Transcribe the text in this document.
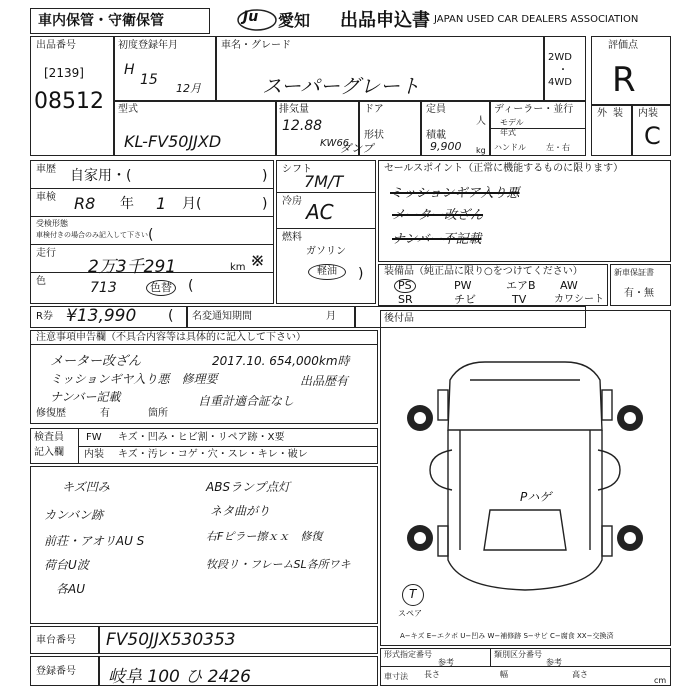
車内保管・守衛保管	Ju 愛知 出品申込書 JAPAN USED CAR DEALERS ASSOCIATION
出品番号
[2139]
08512
初度登録年月
H
15
12月
車名・グレード
スーパーグレート
2WD
・
4WD
評価点
R
外 装 内装
C
型式
KL-FV50JJXD
排気量
12.88
KW66
ドア	定員
人
形状
ダンプ
積載
9,900 kg
ディーラー・並行
モデル
年式
ハンドル	左・右
車歴 自家用・(	)
車検 R8 年 1 月(	)
受検形態
車検付きの場合のみ記入して下さい (
走行
2万3千291	km ※
色	713	色替 (
R券 ¥13,990 ( 名変通知期間	月
シフト
7M/T
冷房 AC
燃料
ガソリン
軽油	)
セールスポイント（正常に機能するものに限ります）
ミッションギア入り悪
メーター改ざん
ナンバー不記載
装備品（純正品に限り○をつけてください）
PS	PW	エアB AW
SR	チビ	TV	カワシート
新車保証書
有・無
注意事項申告欄（不具合内容等は具体的に記入して下さい）
メーター改ざん	2017.10. 654,000km時
ミッションギヤ入り悪　修理要	出品歴有
ナンバー記載	自重計適合証なし
修復歴	有	箇所
検査員
記入欄
FW キズ・凹み・ヒビ割・リペア跡・X要
内装 キズ・汚レ・コゲ・穴・スレ・キレ・破レ
キズ凹み
カンバン跡
前荘・アオリAU S
荷台U波
各AU
ABSランプ点灯
ネタ曲がり
右Fピラー擦ｘｘ　修復
牧段リ・フレームSL各所ワキ
後付品
Pハゲ
T
スペア
A−キズ E−エクボ U−凹み W−補修跡 S−サビ C−腐食 XX−交換済
車台番号 FV50JJX530353
登録番号 岐阜 100 ひ 2426
形式指定番号
参考
類別区分番号
参考
車寸法 長さ	幅	高さ
cm
